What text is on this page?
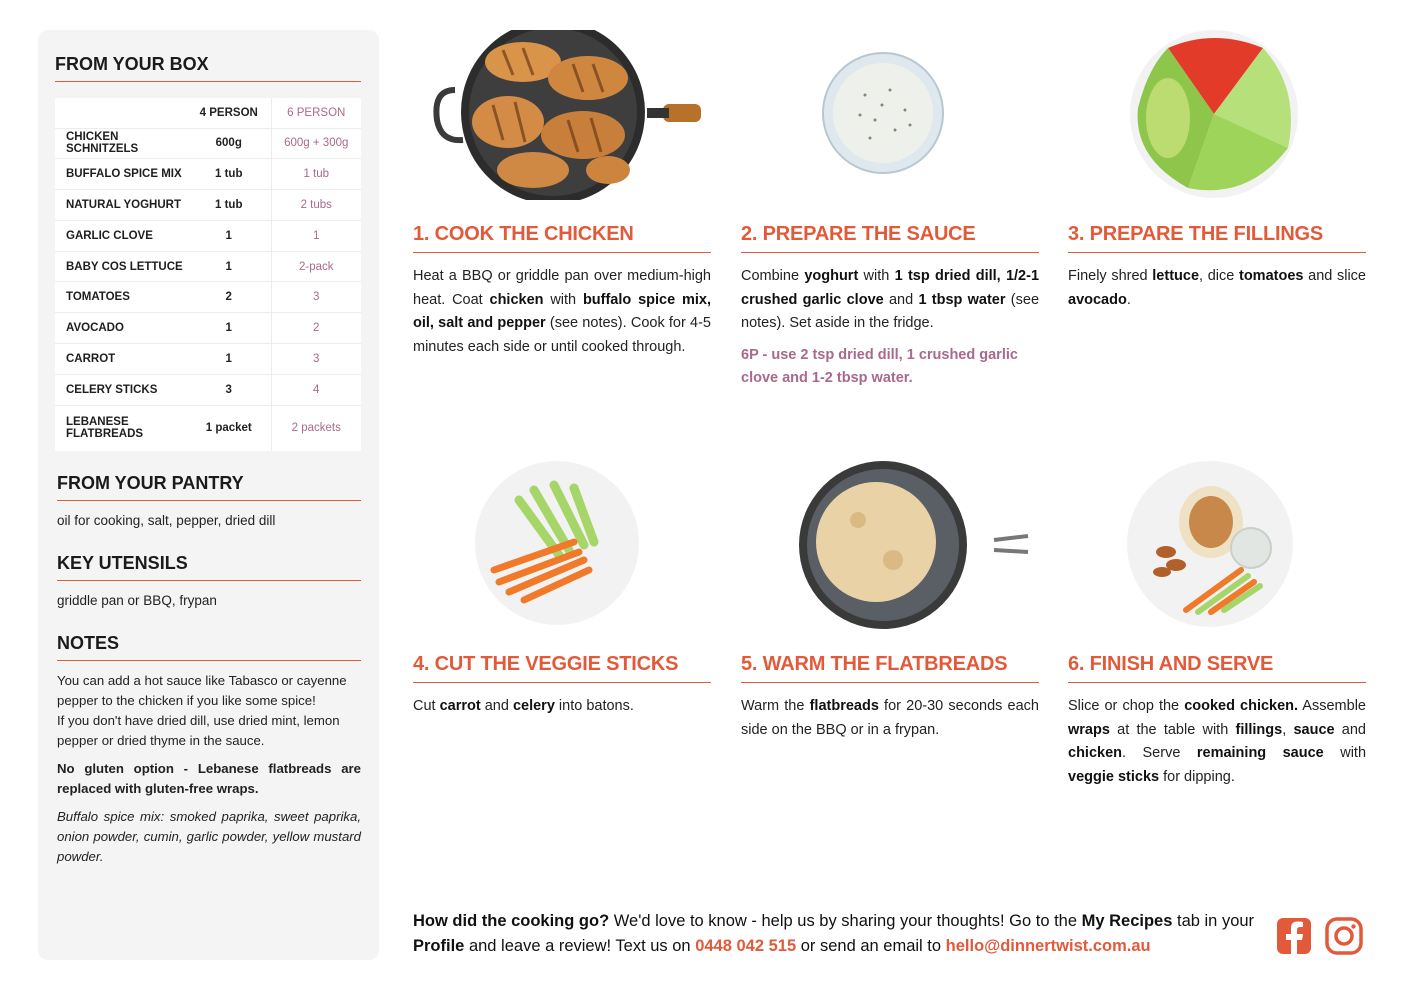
FROM YOUR BOX
	4 PERSON	6 PERSON
CHICKEN SCHNITZELS	600g	600g + 300g
BUFFALO SPICE MIX	1 tub	1 tub
NATURAL YOGHURT	1 tub	2 tubs
GARLIC CLOVE	1	1
BABY COS LETTUCE	1	2-pack
TOMATOES	2	3
AVOCADO	1	2
CARROT	1	3
CELERY STICKS	3	4
LEBANESE FLATBREADS	1 packet	2 packets
FROM YOUR PANTRY

oil for cooking, salt, pepper, dried dill

KEY UTENSILS

griddle pan or BBQ, frypan

NOTES

You can add a hot sauce like Tabasco or cayenne pepper to the chicken if you like some spice!

If you don't have dried dill, use dried mint, lemon pepper or dried thyme in the sauce.

No gluten option - Lebanese flatbreads are replaced with gluten-free wraps.

Buffalo spice mix: smoked paprika, sweet paprika, onion powder, cumin, garlic powder, yellow mustard powder.

1. COOK THE CHICKEN
Heat a BBQ or griddle pan over medium-high heat. Coat chicken with buffalo spice mix, oil, salt and pepper (see notes). Cook for 4-5 minutes each side or until cooked through.
2. PREPARE THE SAUCE
Combine yoghurt with 1 tsp dried dill, 1/2-1 crushed garlic clove and 1 tbsp water (see notes). Set aside in the fridge.
6P - use 2 tsp dried dill, 1 crushed garlic clove and 1-2 tbsp water.
3. PREPARE THE FILLINGS
Finely shred lettuce, dice tomatoes and slice avocado.
4. CUT THE VEGGIE STICKS
Cut carrot and celery into batons.
5. WARM THE FLATBREADS
Warm the flatbreads for 20-30 seconds each side on the BBQ or in a frypan.
6. FINISH AND SERVE
Slice or chop the cooked chicken. Assemble wraps at the table with fillings, sauce and chicken. Serve remaining sauce with veggie sticks for dipping.
How did the cooking go? We'd love to know - help us by sharing your thoughts! Go to the My Recipes tab in your Profile and leave a review! Text us on 0448 042 515 or send an email to hello@dinnertwist.com.au
